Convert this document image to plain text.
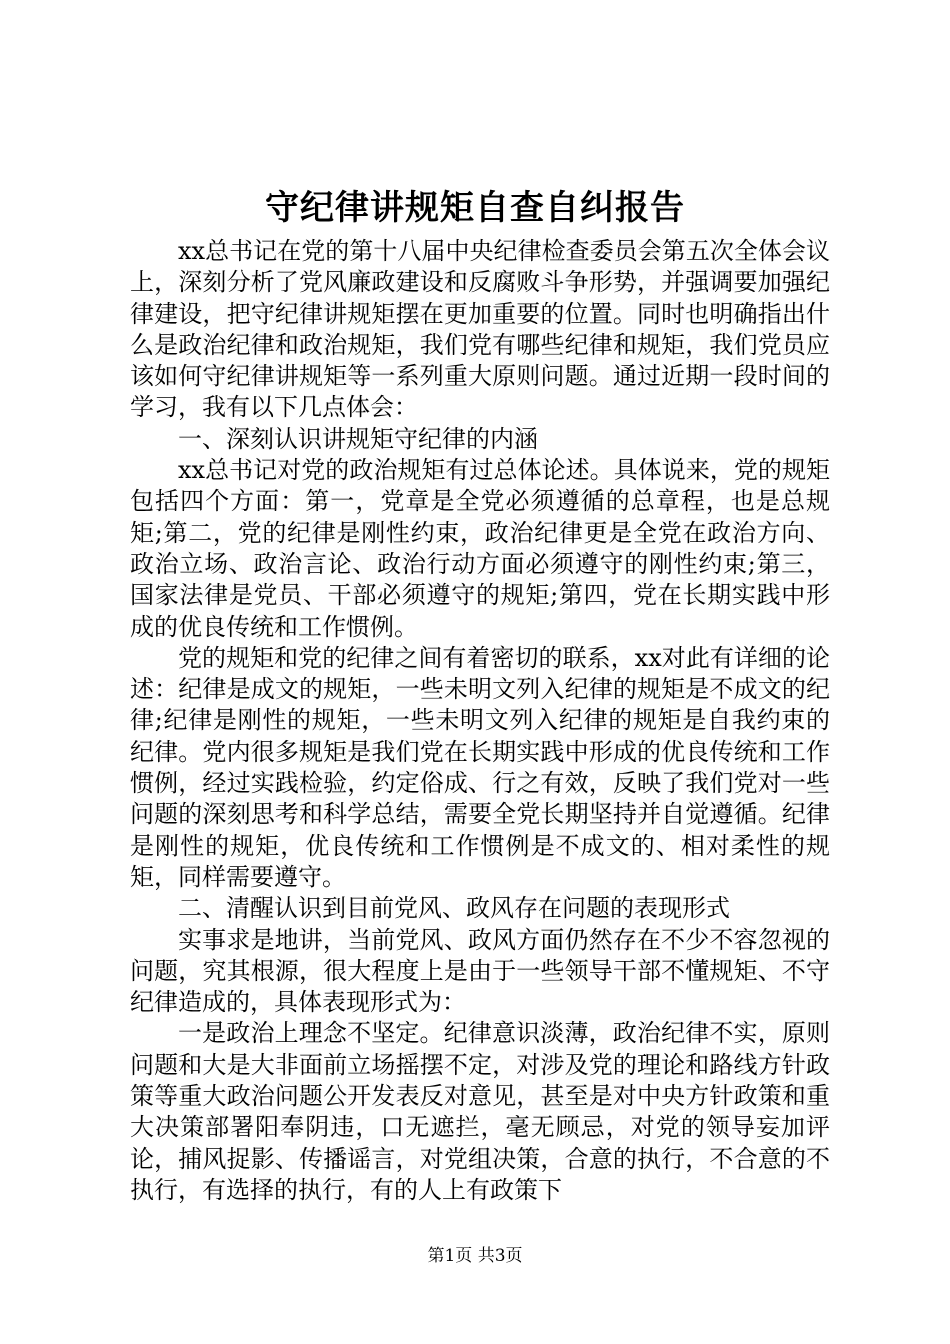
守纪律讲规矩自查自纠报告

xx总书记在党的第十八届中央纪律检查委员会第五次全体会议上，深刻分析了党风廉政建设和反腐败斗争形势，并强调要加强纪律建设，把守纪律讲规矩摆在更加重要的位置。同时也明确指出什么是政治纪律和政治规矩，我们党有哪些纪律和规矩，我们党员应该如何守纪律讲规矩等一系列重大原则问题。通过近期一段时间的学习，我有以下几点体会：

一、深刻认识讲规矩守纪律的内涵

xx总书记对党的政治规矩有过总体论述。具体说来，党的规矩包括四个方面：第一，党章是全党必须遵循的总章程，也是总规矩;第二，党的纪律是刚性约束，政治纪律更是全党在政治方向、政治立场、政治言论、政治行动方面必须遵守的刚性约束;第三，国家法律是党员、干部必须遵守的规矩;第四，党在长期实践中形成的优良传统和工作惯例。

党的规矩和党的纪律之间有着密切的联系，xx对此有详细的论述：纪律是成文的规矩，一些未明文列入纪律的规矩是不成文的纪律;纪律是刚性的规矩，一些未明文列入纪律的规矩是自我约束的纪律。党内很多规矩是我们党在长期实践中形成的优良传统和工作惯例，经过实践检验，约定俗成、行之有效，反映了我们党对一些问题的深刻思考和科学总结，需要全党长期坚持并自觉遵循。纪律是刚性的规矩，优良传统和工作惯例是不成文的、相对柔性的规矩，同样需要遵守。

二、清醒认识到目前党风、政风存在问题的表现形式

实事求是地讲，当前党风、政风方面仍然存在不少不容忽视的问题，究其根源，很大程度上是由于一些领导干部不懂规矩、不守纪律造成的，具体表现形式为：

一是政治上理念不坚定。纪律意识淡薄，政治纪律不实，原则问题和大是大非面前立场摇摆不定，对涉及党的理论和路线方针政策等重大政治问题公开发表反对意见，甚至是对中央方针政策和重大决策部署阳奉阴违，口无遮拦，毫无顾忌，对党的领导妄加评论，捕风捉影、传播谣言，对党组决策，合意的执行，不合意的不执行，有选择的执行，有的人上有政策下

第1页 共3页
